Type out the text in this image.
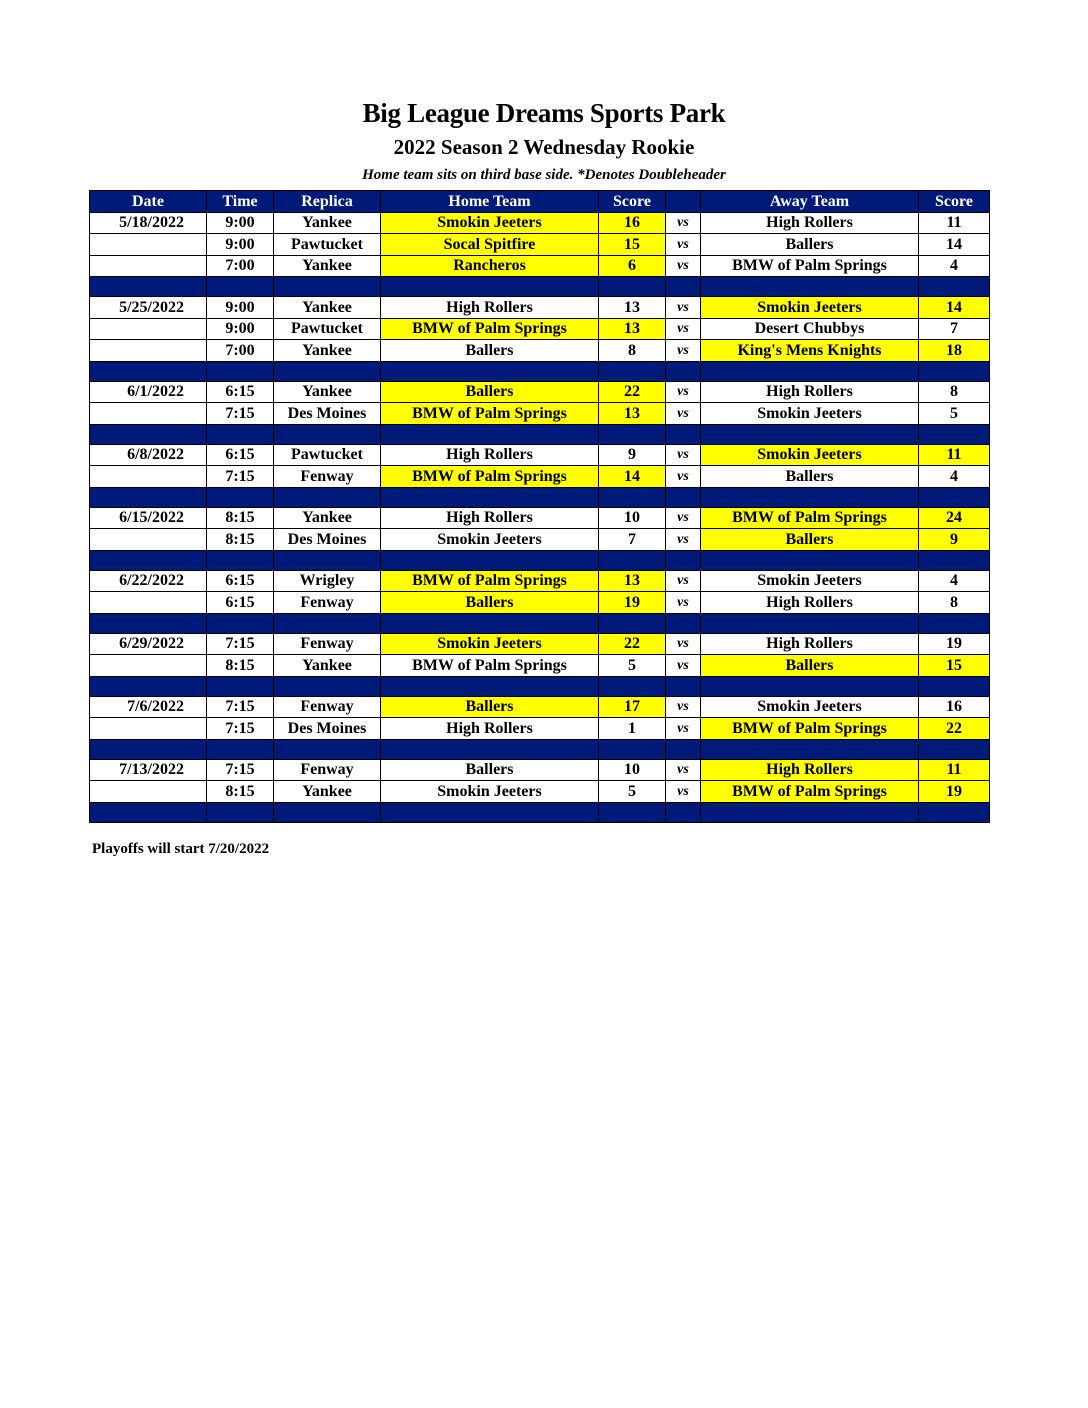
Big League Dreams Sports Park
2022 Season 2 Wednesday Rookie
Home team sits on third base side. *Denotes Doubleheader
Date	Time	Replica	Home Team	Score		Away Team	Score
5/18/2022	9:00	Yankee	Smokin Jeeters	16	vs	High Rollers	11
	9:00	Pawtucket	Socal Spitfire	15	vs	Ballers	14
	7:00	Yankee	Rancheros	6	vs	BMW of Palm Springs	4

5/25/2022	9:00	Yankee	High Rollers	13	vs	Smokin Jeeters	14
	9:00	Pawtucket	BMW of Palm Springs	13	vs	Desert Chubbys	7
	7:00	Yankee	Ballers	8	vs	King's Mens Knights	18

6/1/2022	6:15	Yankee	Ballers	22	vs	High Rollers	8
	7:15	Des Moines	BMW of Palm Springs	13	vs	Smokin Jeeters	5

6/8/2022	6:15	Pawtucket	High Rollers	9	vs	Smokin Jeeters	11
	7:15	Fenway	BMW of Palm Springs	14	vs	Ballers	4

6/15/2022	8:15	Yankee	High Rollers	10	vs	BMW of Palm Springs	24
	8:15	Des Moines	Smokin Jeeters	7	vs	Ballers	9

6/22/2022	6:15	Wrigley	BMW of Palm Springs	13	vs	Smokin Jeeters	4
	6:15	Fenway	Ballers	19	vs	High Rollers	8

6/29/2022	7:15	Fenway	Smokin Jeeters	22	vs	High Rollers	19
	8:15	Yankee	BMW of Palm Springs	5	vs	Ballers	15

7/6/2022	7:15	Fenway	Ballers	17	vs	Smokin Jeeters	16
	7:15	Des Moines	High Rollers	1	vs	BMW of Palm Springs	22

7/13/2022	7:15	Fenway	Ballers	10	vs	High Rollers	11
	8:15	Yankee	Smokin Jeeters	5	vs	BMW of Palm Springs	19

Playoffs will start 7/20/2022
